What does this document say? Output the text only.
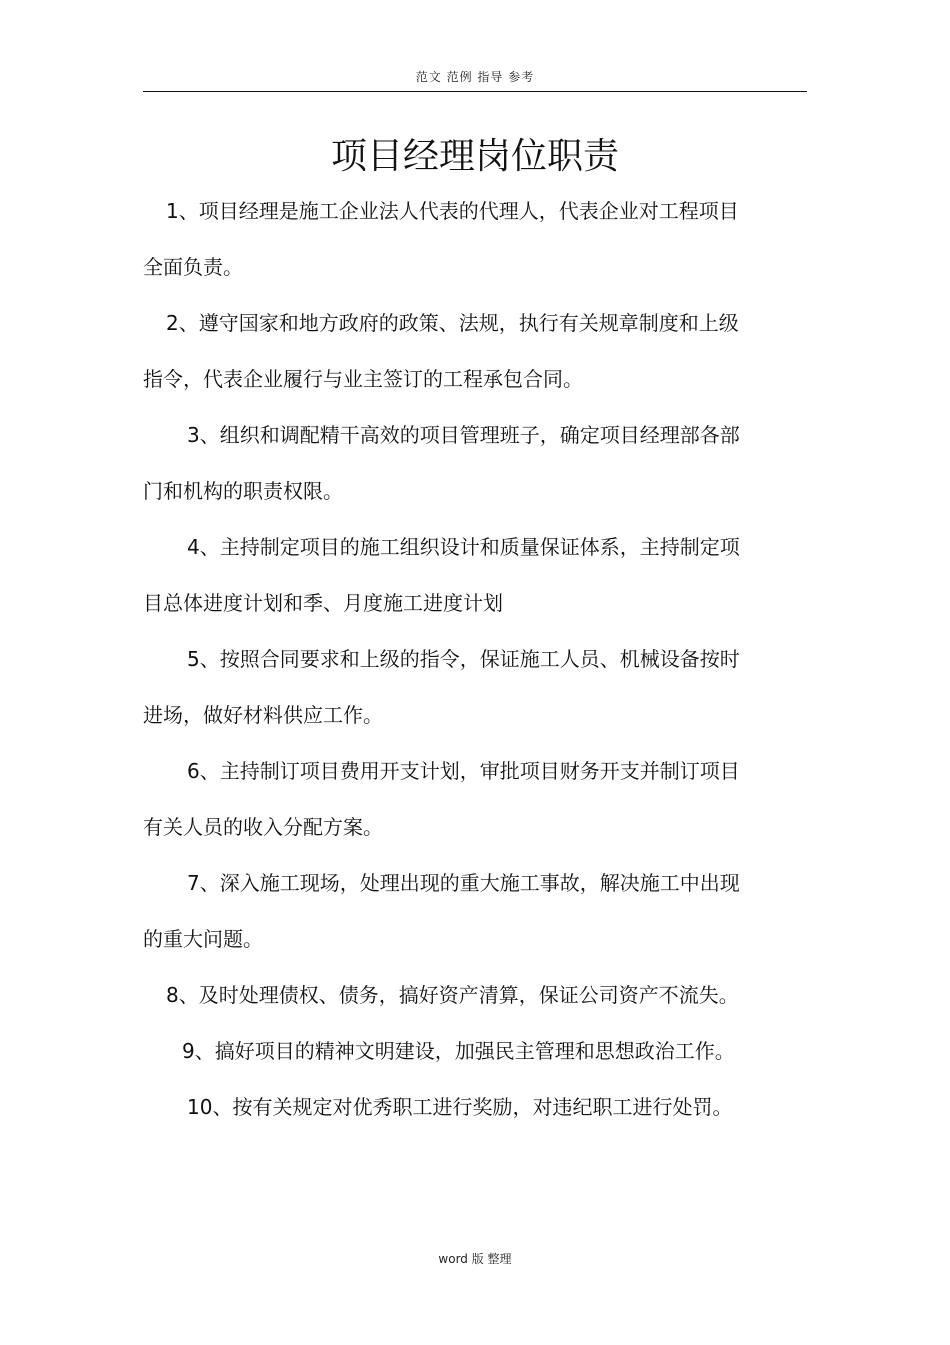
范文 范例 指导 参考
项目经理岗位职责
1、项目经理是施工企业法人代表的代理人，代表企业对工程项目
全面负责。
2、遵守国家和地方政府的政策、法规，执行有关规章制度和上级
指令，代表企业履行与业主签订的工程承包合同。
3、组织和调配精干高效的项目管理班子，确定项目经理部各部
门和机构的职责权限。
4、主持制定项目的施工组织设计和质量保证体系，主持制定项
目总体进度计划和季、月度施工进度计划
5、按照合同要求和上级的指令，保证施工人员、机械设备按时
进场，做好材料供应工作。
6、主持制订项目费用开支计划，审批项目财务开支并制订项目
有关人员的收入分配方案。
7、深入施工现场，处理出现的重大施工事故，解决施工中出现
的重大问题。
8、及时处理债权、债务，搞好资产清算，保证公司资产不流失。
9、搞好项目的精神文明建设，加强民主管理和思想政治工作。
10、按有关规定对优秀职工进行奖励，对违纪职工进行处罚。
word 版 整理
